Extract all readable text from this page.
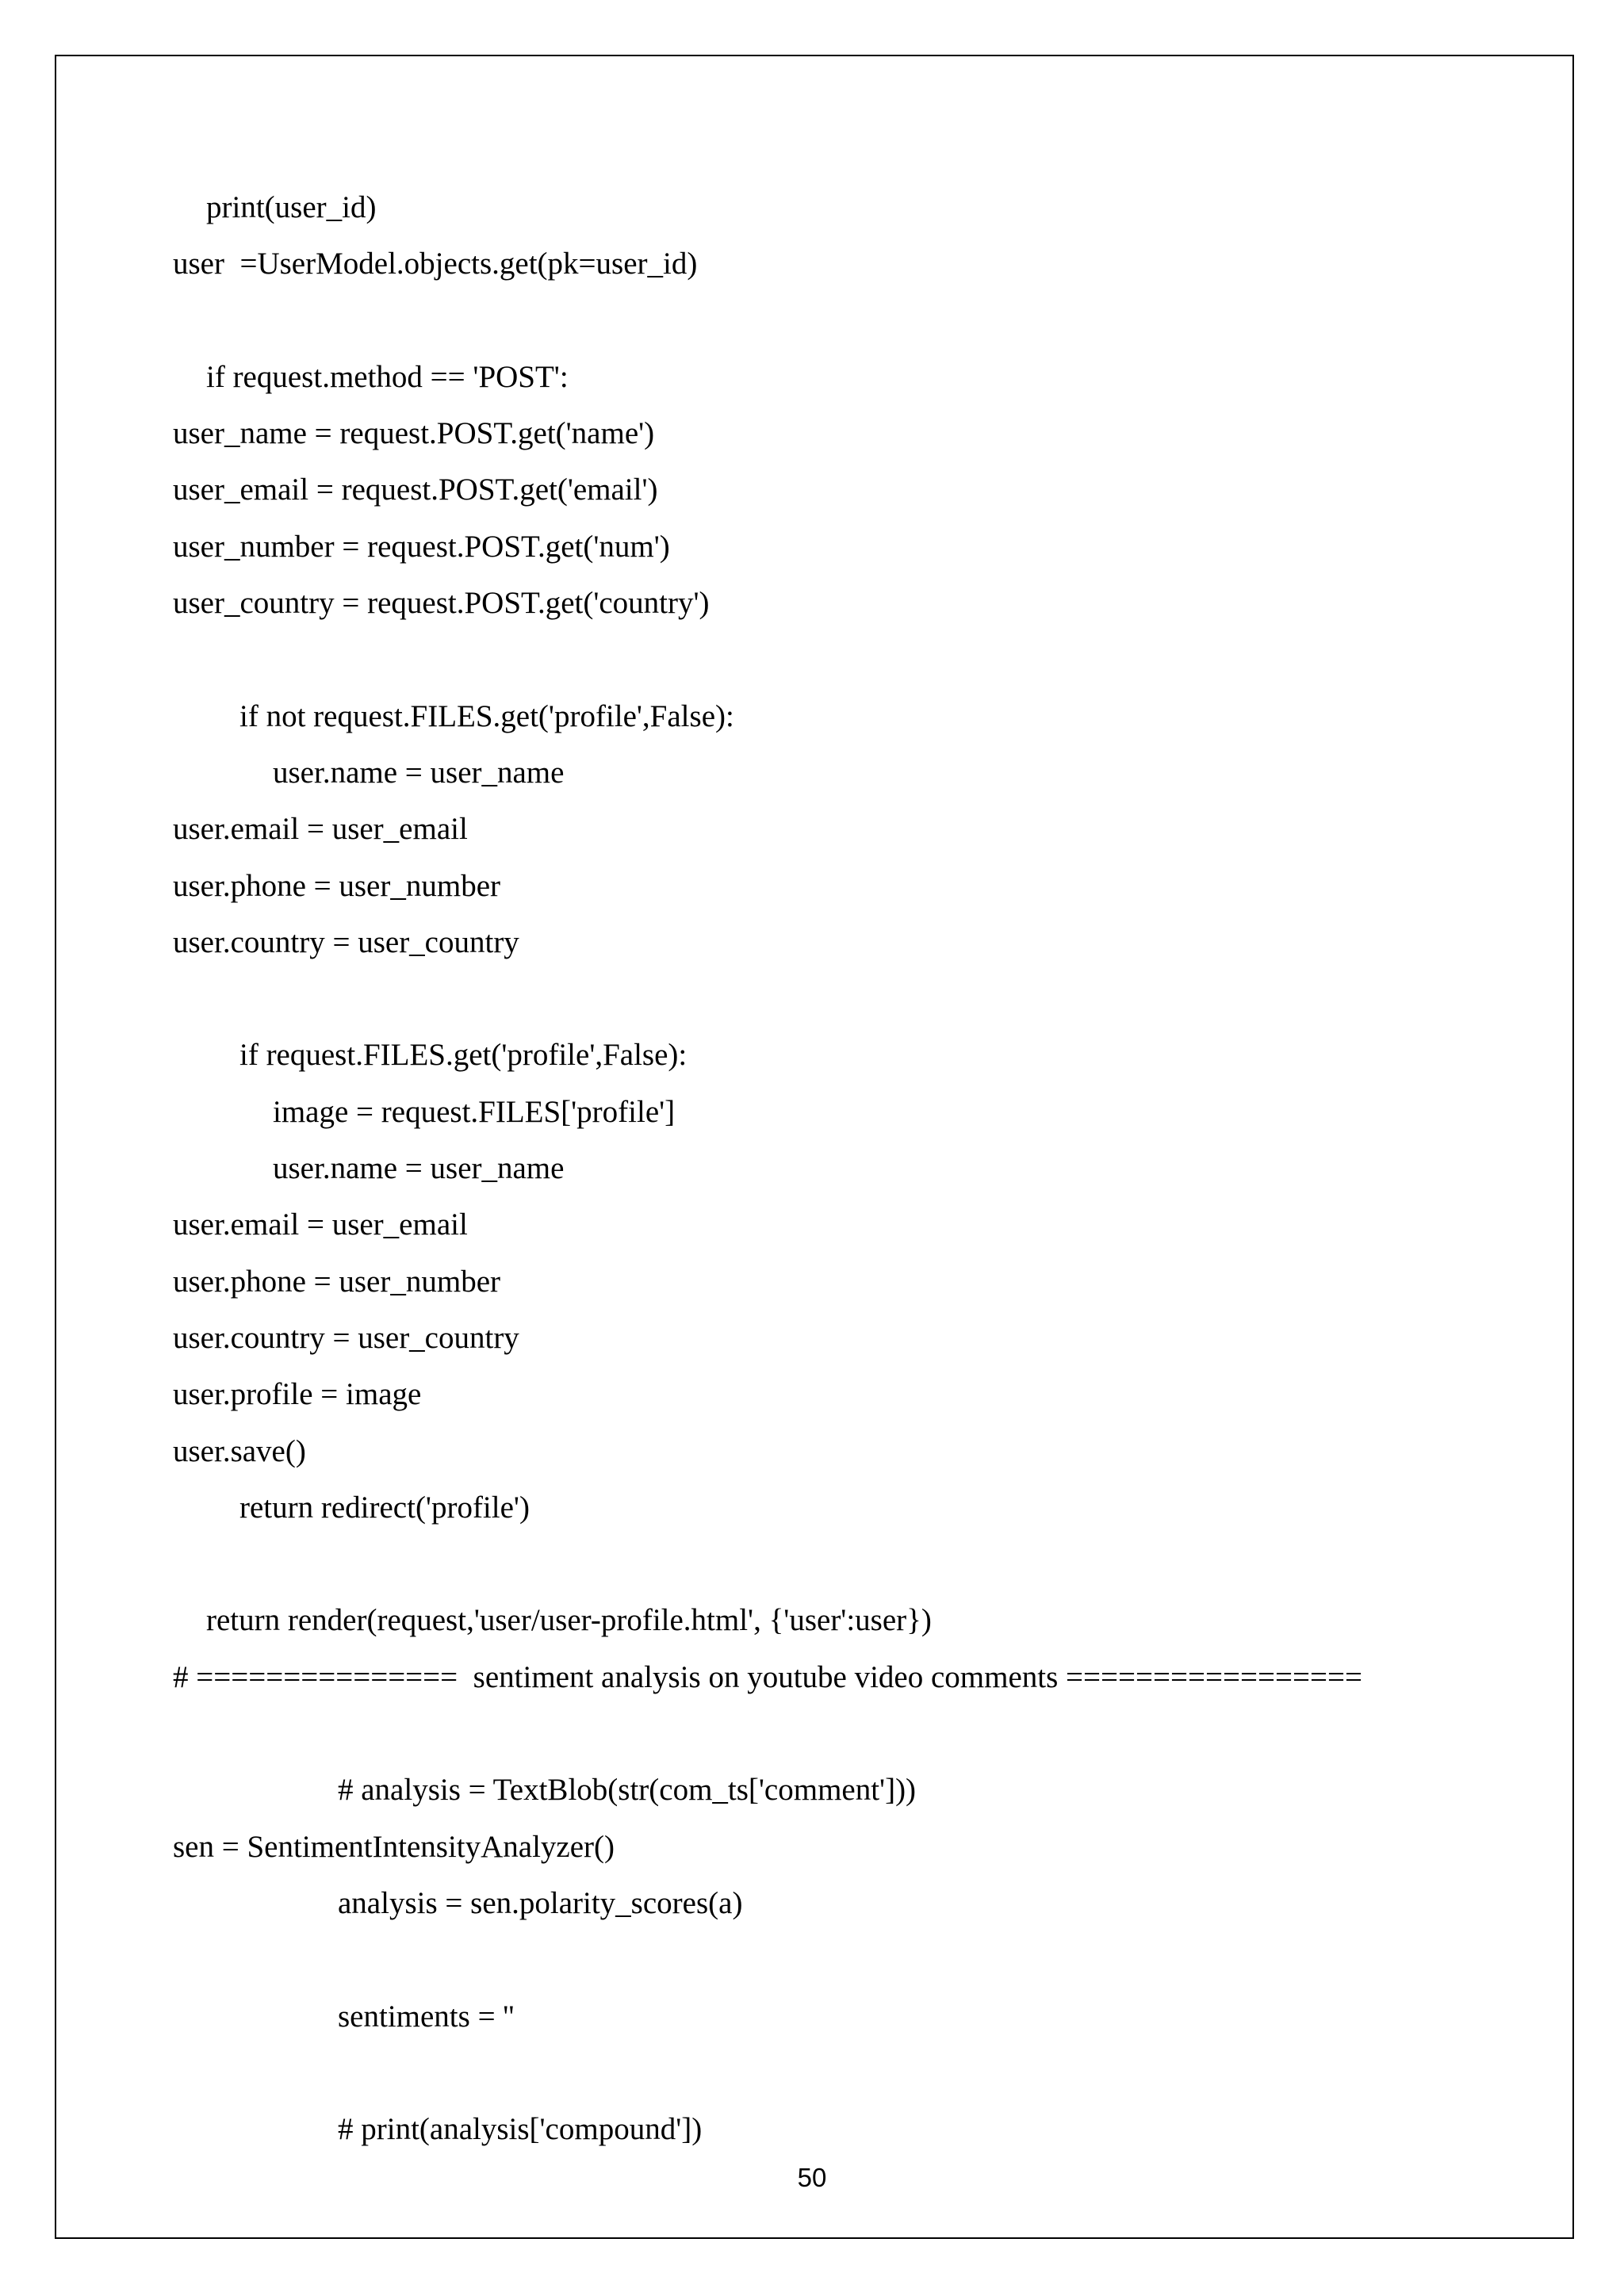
print(user_id)
user  =UserModel.objects.get(pk=user_id)
if request.method == 'POST':
user_name = request.POST.get('name')
user_email = request.POST.get('email')
user_number = request.POST.get('num')
user_country = request.POST.get('country')
if not request.FILES.get('profile',False):
user.name = user_name
user.email = user_email
user.phone = user_number
user.country = user_country
if request.FILES.get('profile',False):
image = request.FILES['profile']
user.name = user_name
user.email = user_email
user.phone = user_number
user.country = user_country
user.profile = image
user.save()
return redirect('profile')
return render(request,'user/user-profile.html', {'user':user})
# ===============  sentiment analysis on youtube video comments =================
# analysis = TextBlob(str(com_ts['comment']))
sen = SentimentIntensityAnalyzer()
analysis = sen.polarity_scores(a)
sentiments = ''
# print(analysis['compound'])
50
